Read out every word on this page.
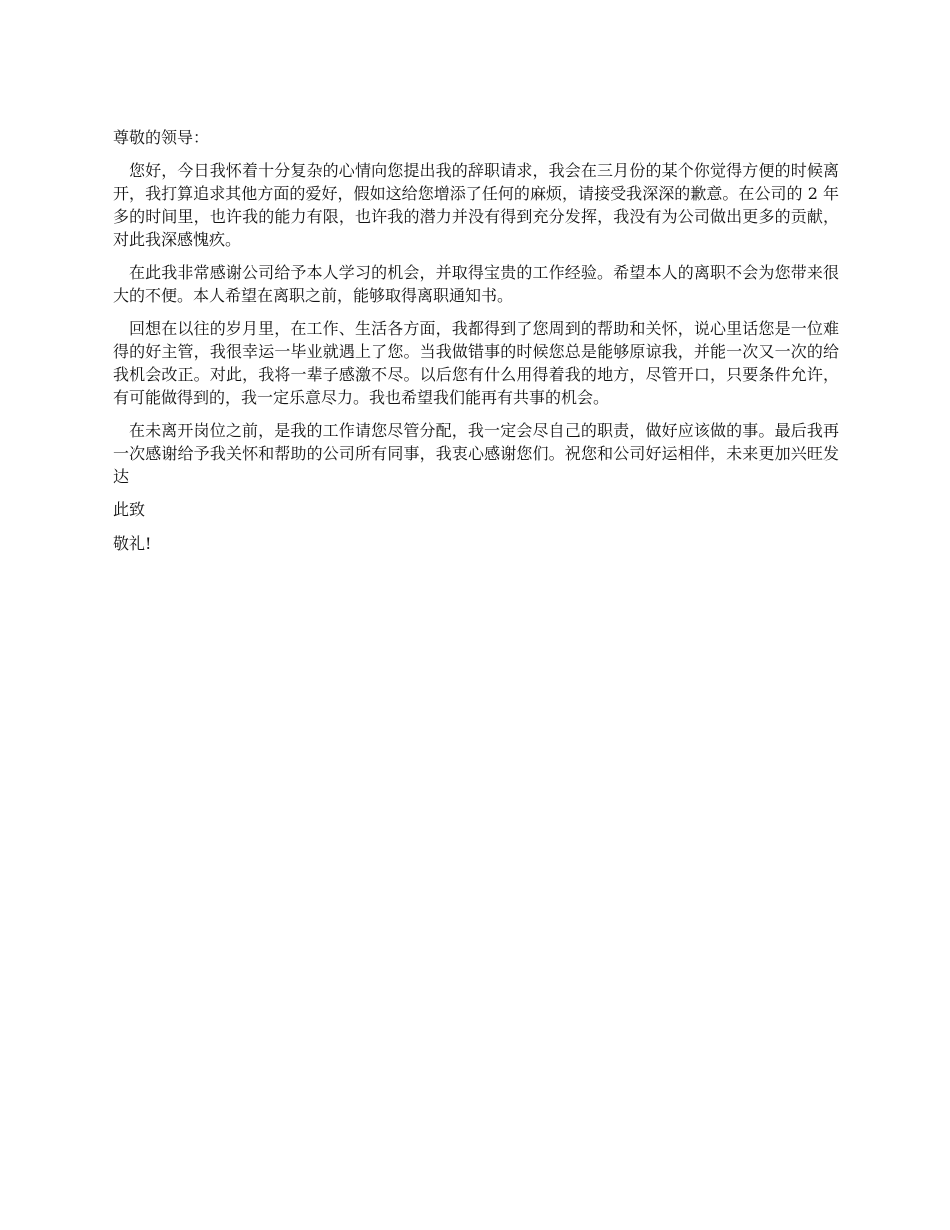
尊敬的领导：

您好，今日我怀着十分复杂的心情向您提出我的辞职请求，我会在三月份的某个你觉得方便的时候离开，我打算追求其他方面的爱好，假如这给您增添了任何的麻烦，请接受我深深的歉意。在公司的 2 年多的时间里，也许我的能力有限，也许我的潜力并没有得到充分发挥，我没有为公司做出更多的贡献，对此我深感愧疚。

在此我非常感谢公司给予本人学习的机会，并取得宝贵的工作经验。希望本人的离职不会为您带来很大的不便。本人希望在离职之前，能够取得离职通知书。

回想在以往的岁月里，在工作、生活各方面，我都得到了您周到的帮助和关怀，说心里话您是一位难得的好主管，我很幸运一毕业就遇上了您。当我做错事的时候您总是能够原谅我，并能一次又一次的给我机会改正。对此，我将一辈子感激不尽。以后您有什么用得着我的地方，尽管开口，只要条件允许，有可能做得到的，我一定乐意尽力。我也希望我们能再有共事的机会。

在未离开岗位之前，是我的工作请您尽管分配，我一定会尽自己的职责，做好应该做的事。最后我再一次感谢给予我关怀和帮助的公司所有同事，我衷心感谢您们。祝您和公司好运相伴，未来更加兴旺发达

此致

敬礼!
